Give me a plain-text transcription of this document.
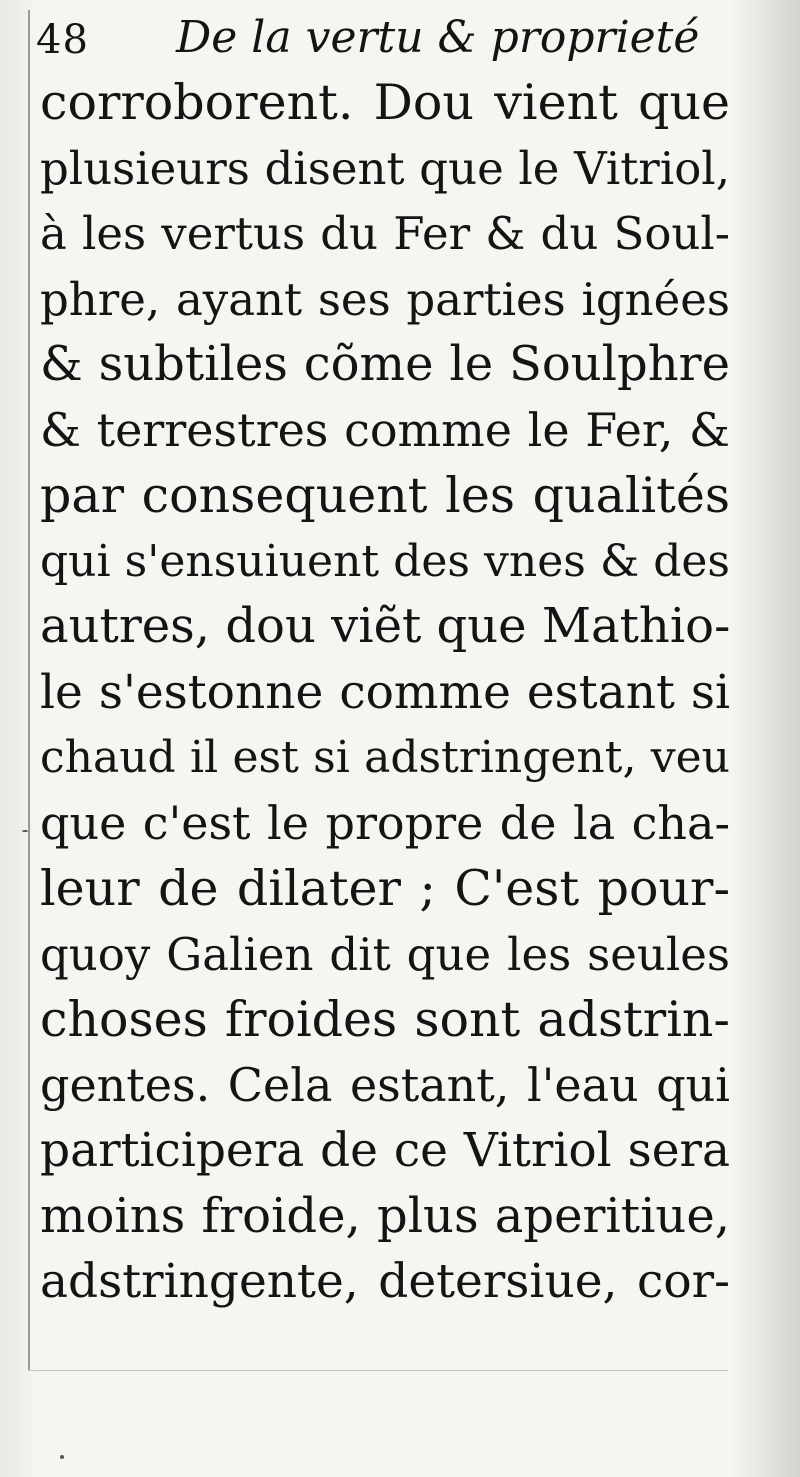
48 De la vertu & proprieté
corroborent. Dou vient que
plusieurs disent que le Vitriol,
à les vertus du Fer & du Soul-
phre, ayant ses parties ignées
& subtiles cõme le Soulphre
& terrestres comme le Fer, &
par consequent les qualités
qui s'ensuiuent des vnes & des
autres, dou viẽt que Mathio-
le s'estonne comme estant si
chaud il est si adstringent, veu
que c'est le propre de la cha-
leur de dilater ; C'est pour-
quoy Galien dit que les seules
choses froides sont adstrin-
gentes. Cela estant, l'eau qui
participera de ce Vitriol sera
moins froide, plus aperitiue,
adstringente, detersiue, cor-
